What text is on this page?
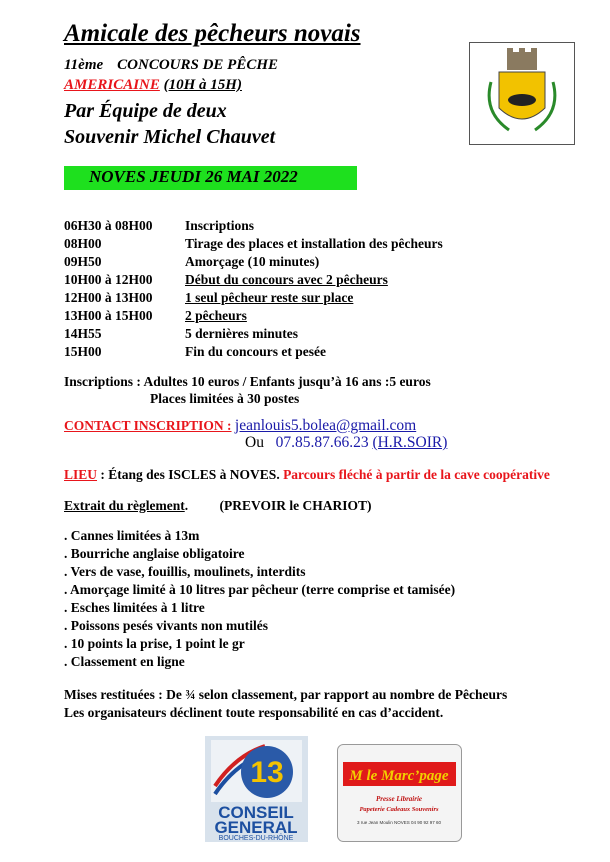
Amicale des pêcheurs novais
11ème CONCOURS DE PÊCHE
AMERICAINE (10H à 15H)
Par Équipe de deux
Souvenir Michel Chauvet
NOVES JEUDI 26 MAI 2022
06H30 à 08H00 Inscriptions
08H00	Tirage des places et installation des pêcheurs
09H50	Amorçage (10 minutes)
10H00 à 12H00 Début du concours avec 2 pêcheurs
12H00 à 13H00 1 seul pêcheur reste sur place
13H00 à 15H00 2 pêcheurs
14H55	5 dernières minutes
15H00	Fin du concours et pesée
Inscriptions : Adultes 10 euros / Enfants jusqu’à 16 ans :5 euros
Places limitées à 30 postes
CONTACT INSCRIPTION : jeanlouis5.bolea@gmail.com
Ou 07.85.87.66.23 (H.R.SOIR)
LIEU : Étang des ISCLES à NOVES. Parcours fléché à partir de la cave coopérative
Extrait du règlement. (PREVOIR le CHARIOT)
. Cannes limitées à 13m
. Bourriche anglaise obligatoire
. Vers de vase, fouillis, moulinets, interdits
. Amorçage limité à 10 litres par pêcheur (terre comprise et tamisée)
. Esches limitées à 1 litre
. Poissons pesés vivants non mutilés
. 10 points la prise, 1 point le gr
. Classement en ligne
Mises restituées : De ¾ selon classement, par rapport au nombre de Pêcheurs
Les organisateurs déclinent toute responsabilité en cas d’accident.
13
CONSEIL
GENERAL
BOUCHES-DU-RHÔNE
M le Marc’page
Presse Librairie
Papeterie Cadeaux Souvenirs
3 rue Jean Moulin NOVES 04 90 92 97 60
